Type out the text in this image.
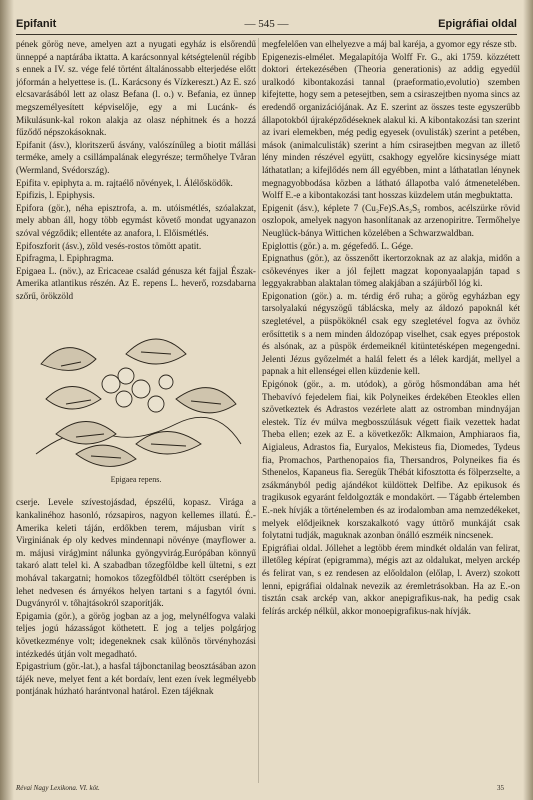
Epifanit	— 545 —	Epigráfiai oldal

pének görög neve, amelyen azt a nyugati egyház is elsőrendű ünneppé a naptárába iktatta. A karácsonnyal kétségtelenül régibb s ennek a IV. sz. vége felé történt általánossabb elterjedése előtt jóformán a helyettese is. (L. Karácsony és Vízkereszt.) Az E. szó elcsavarásából lett az olasz Befana (l. o.) v. Befania, ez ünnep megszemélyesített képviselője, egy a mi Lucánk- és Mikulásunk-kal rokon alakja az olasz néphitnek és a hozzá fűződő népszokásoknak.

Epifanit (ásv.), kloritszerű ásvány, valószínűleg a biotit mállási terméke, amely a csillámpalának elegyrésze; termőhelye Tvåran (Wermland, Svédország).

Epifita v. epiphyta a. m. rajtaélő növények, l. Álélősködők.

Epifizis, l. Epiphysis.

Epifora (gör.), néha episztrofa, a. m. utóismétlés, szóalakzat, mely abban áll, hogy több egymást követő mondat ugyanazon szóval végződik; ellentéte az anafora, l. Előismétlés.

Epifoszforit (ásv.), zöld vesés-rostos tömött apatit.

Epifragma, l. Epiphragma.

Epigaea L. (növ.), az Ericaceae család génusza két fajjal Észak-Amerika atlantikus részén. Az E. repens L. heverő, rozsdabarna szőrű, örökzöld

Epigaea repens.

cserje. Levele szívestojásdad, épszélű, kopasz. Virága a kankalinéhoz hasonló, rózsapiros, nagyon kellemes illatú. É.-Amerika keleti táján, erdőkben terem, májusban virít s Virginiának ép oly kedves mindennapi növénye (mayflower a. m. májusi virág)mint nálunka gyöngyvirág.Európában könnyű takaró alatt telel ki. A szabadban tőzegföldbe kell ültetni, s ezt mohával takargatni; homokos tőzegföldbél töltött cserépben is lehet nedvesen és árnyékos helyen tartani s a fagytól óvni. Dugványról v. tőhajtásokról szaporítják.

Epigamia (gör.), a görög jogban az a jog, melynélfogva valaki teljes jogú házasságot köthetett. E jog a teljes polgárjog következménye volt; idegeneknek csak különös törvényhozási intézkedés útján volt megadható.

Epigastrium (gör.-lat.), a hasfal tájbonctanilag beosztásában azon tájék neve, melyet fent a két bordaív, lent ezen ívek legmélyebb pontjának húzható harántvonal határol. Ezen tájéknak

megfelelően van elhelyezve a máj bal karéja, a gyomor egy része stb.

Epigenezis-elmélet. Megalapítója Wolff Fr. G., aki 1759. közzétett doktori értekezésében (Theoria generationis) az addig egyedül uralkodó kibontakozási tannal (praeformatio,evolutio) szemben kifejtette, hogy sem a petesejtben, sem a csiraszejtben nyoma sincs az eredendő organizációjának. Az E. szerint az összes teste egyszerűbb állapotokból újraképződéseknek alakul ki. A kibontakozási tan szerint az ivari elemekben, még pedig egyesek (ovulisták) szerint a petében, mások (animalculisták) szerint a hím csirasejtben megvan az illető lény minden részével együtt, csakhogy egyelőre kicsinysége miatt láthatatlan; a kifejlődés nem áll egyébben, mint a láthatatlan lénynek megnagyobbodása közben a látható állapotba való átmenetelében. Wolff E.-e a kibontakozási tant hosszas küzdelem után megbuktatta.

Epigenit (ásv.), képlete 7 (Cu₂Fe)S.As₂S₅ rombos, acélszürke rövid oszlopok, amelyek nagyon hasonlítanak az arzenopiritre. Termőhelye Neuglück-bánya Wittichen közelében a Schwarzwaldban.

Epiglottis (gör.) a. m. gégefedő. L. Gége.

Epignathus (gör.), az összenőtt ikertorzoknak az az alakja, midőn a csökevényes iker a jól fejlett magzat koponyaalapján tapad s leggyakrabban alaktalan tömeg alakjában a szájürből lóg ki.

Epigonation (gör.) a. m. térdig érő ruha; a görög egyházban egy tarsolyalakú négyszögű táblácska, mely az áldozó papoknál két szegletével, a püspököknél csak egy szegletével fogva az övhöz erősíttetik s a nem minden áldozópap viselhet, csak egyes prépostok és alsónak, az a püspök érdemeiknél kitüntetésképen megengedni. Jelenti Jézus győzelmét a halál felett és a lélek kardját, mellyel a papnak a hit ellenségei ellen küzdenie kell.

Epigónok (gör., a. m. utódok), a görög hősmondában ama hét Thebavívó fejedelem fiai, kik Polyneikes érdekében Eteokles ellen szövetkeztek és Adrastos vezérlete alatt az ostromban mindnyájan elestek. Tíz év múlva megbosszúlásuk végett fiaik vezettek hadat Theba ellen; ezek az E. a következők: Alkmaion, Amphiaraos fia, Aigialeus, Adrastos fia, Euryalos, Mekisteus fia, Diomedes, Tydeus fia, Promachos, Parthenopaios fia, Thersandros, Polyneikes fia és Sthenelos, Kapaneus fia. Seregük Thébát kifosztotta és fölperzselte, a zsákmányból pedig ajándékot küldöttek Delfibe. Az epikusok és tragikusok egyaránt feldolgozták e mondakört. — Tágabb értelemben E.-nek hívják a történelemben és az irodalomban ama nemzedékeket, melyek elődjeiknek korszakalkotó vagy úttörő munkáját csak folytatni tudják, maguknak azonban önálló eszméik nincsenek.

Epigráfiai oldal. Jóllehet a legtöbb érem mindkét oldalán van felirat, illetőleg képírat (epigramma), mégis azt az oldalukat, melyen arckép és felirat van, s ez rendesen az előoldalon (előlap, l. Averz) szokott lenni, epigráfiai oldalnak nevezik az éremletrásokban. Ha az E.-on tisztán csak arckép van, akkor anepigrafikus-nak, ha pedig csak felírás arckép nélkül, akkor monoepigrafikus-nak hívják.

Révai Nagy Lexikona. VI. köt.	35
